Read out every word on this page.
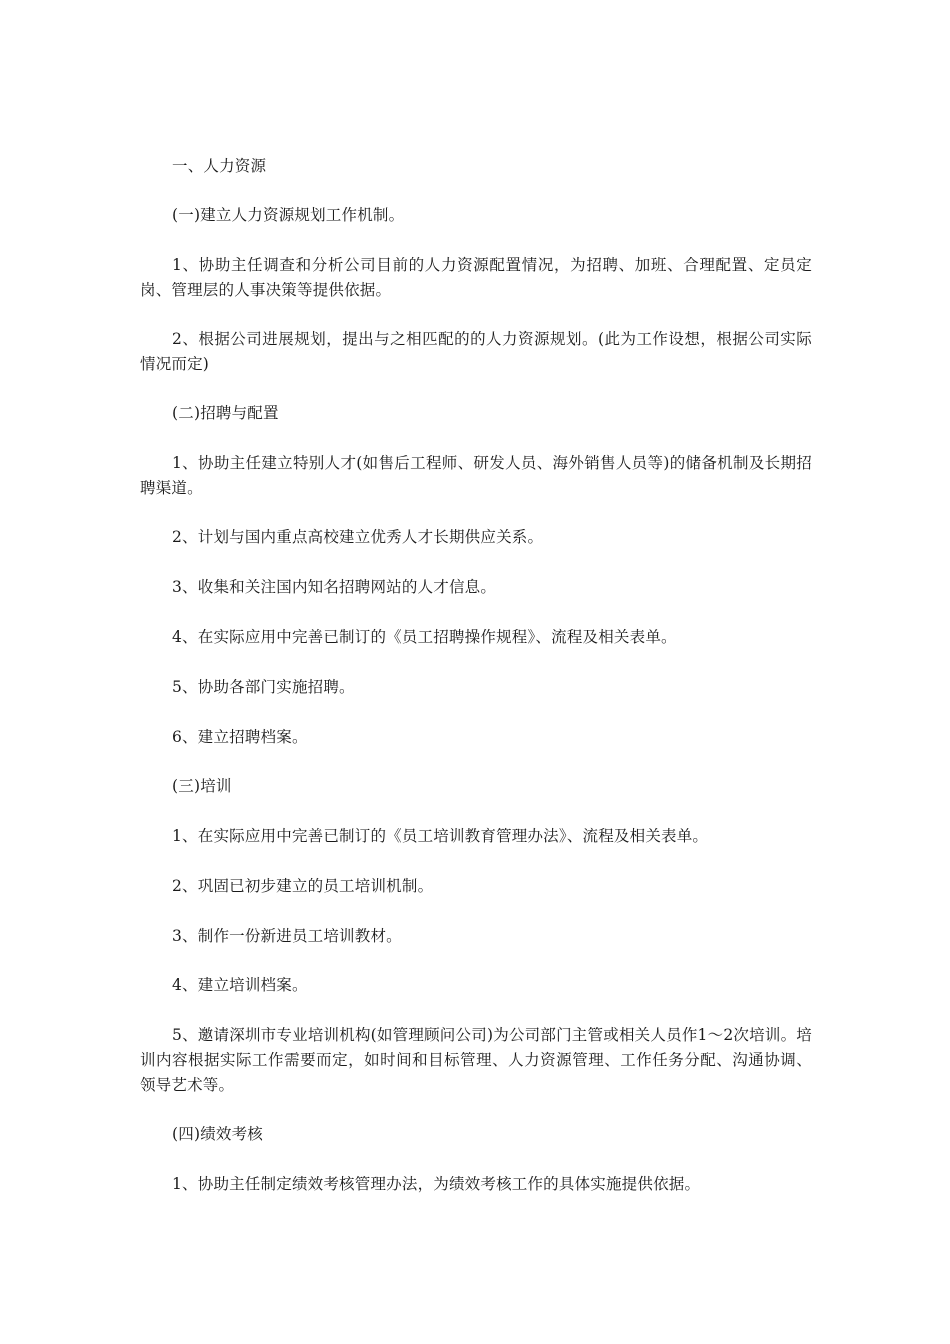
一、人力资源

(一)建立人力资源规划工作机制。

1、协助主任调查和分析公司目前的人力资源配置情况，为招聘、加班、合理配置、定员定岗、管理层的人事决策等提供依据。

2、根据公司进展规划，提出与之相匹配的的人力资源规划。(此为工作设想，根据公司实际情况而定)

(二)招聘与配置

1、协助主任建立特别人才(如售后工程师、研发人员、海外销售人员等)的储备机制及长期招聘渠道。

2、计划与国内重点高校建立优秀人才长期供应关系。

3、收集和关注国内知名招聘网站的人才信息。

4、在实际应用中完善已制订的《员工招聘操作规程》、流程及相关表单。

5、协助各部门实施招聘。

6、建立招聘档案。

(三)培训

1、在实际应用中完善已制订的《员工培训教育管理办法》、流程及相关表单。

2、巩固已初步建立的员工培训机制。

3、制作一份新进员工培训教材。

4、建立培训档案。

5、邀请深圳市专业培训机构(如管理顾问公司)为公司部门主管或相关人员作1～2次培训。培训内容根据实际工作需要而定，如时间和目标管理、人力资源管理、工作任务分配、沟通协调、领导艺术等。

(四)绩效考核

1、协助主任制定绩效考核管理办法，为绩效考核工作的具体实施提供依据。
